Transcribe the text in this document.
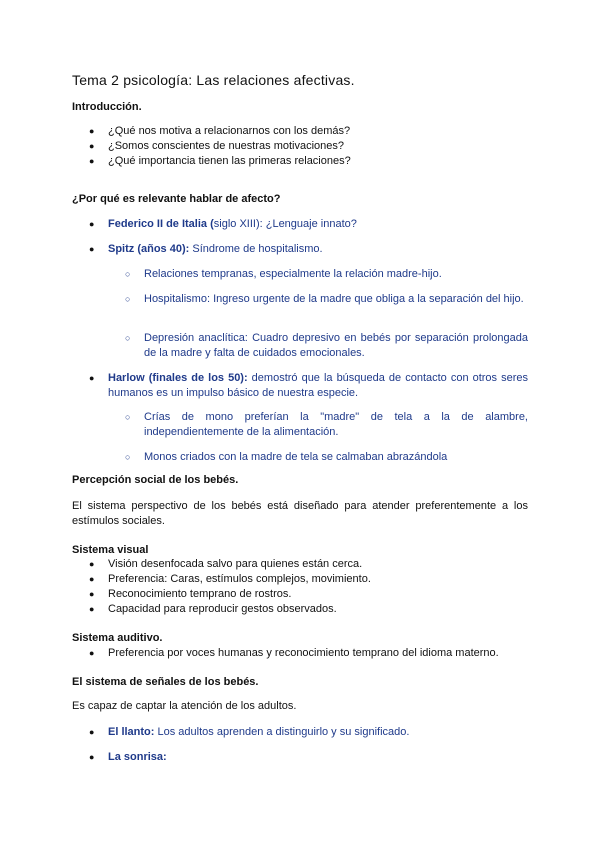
Tema 2 psicología: Las relaciones afectivas.
Introducción.
● ¿Qué nos motiva a relacionarnos con los demás?
● ¿Somos conscientes de nuestras motivaciones?
● ¿Qué importancia tienen las primeras relaciones?
¿Por qué es relevante hablar de afecto?
● Federico II de Italia (siglo XIII): ¿Lenguaje innato?
● Spitz (años 40): Síndrome de hospitalismo.
○ Relaciones tempranas, especialmente la relación madre-hijo.
○ Hospitalismo: Ingreso urgente de la madre que obliga a la separación del hijo.
○ Depresión anaclítica: Cuadro depresivo en bebés por separación prolongada de la madre y falta de cuidados emocionales.
● Harlow (finales de los 50): demostró que la búsqueda de contacto con otros seres humanos es un impulso básico de nuestra especie.
○ Crías de mono preferían la "madre" de tela a la de alambre, independientemente de la alimentación.
○ Monos criados con la madre de tela se calmaban abrazándola
Percepción social de los bebés.
El sistema perspectivo de los bebés está diseñado para atender preferentemente a los estímulos sociales.
Sistema visual
● Visión desenfocada salvo para quienes están cerca.
● Preferencia: Caras, estímulos complejos, movimiento.
● Reconocimiento temprano de rostros.
● Capacidad para reproducir gestos observados.
Sistema auditivo.
● Preferencia por voces humanas y reconocimiento temprano del idioma materno.
El sistema de señales de los bebés.
Es capaz de captar la atención de los adultos.
● El llanto: Los adultos aprenden a distinguirlo y su significado.
● La sonrisa:
